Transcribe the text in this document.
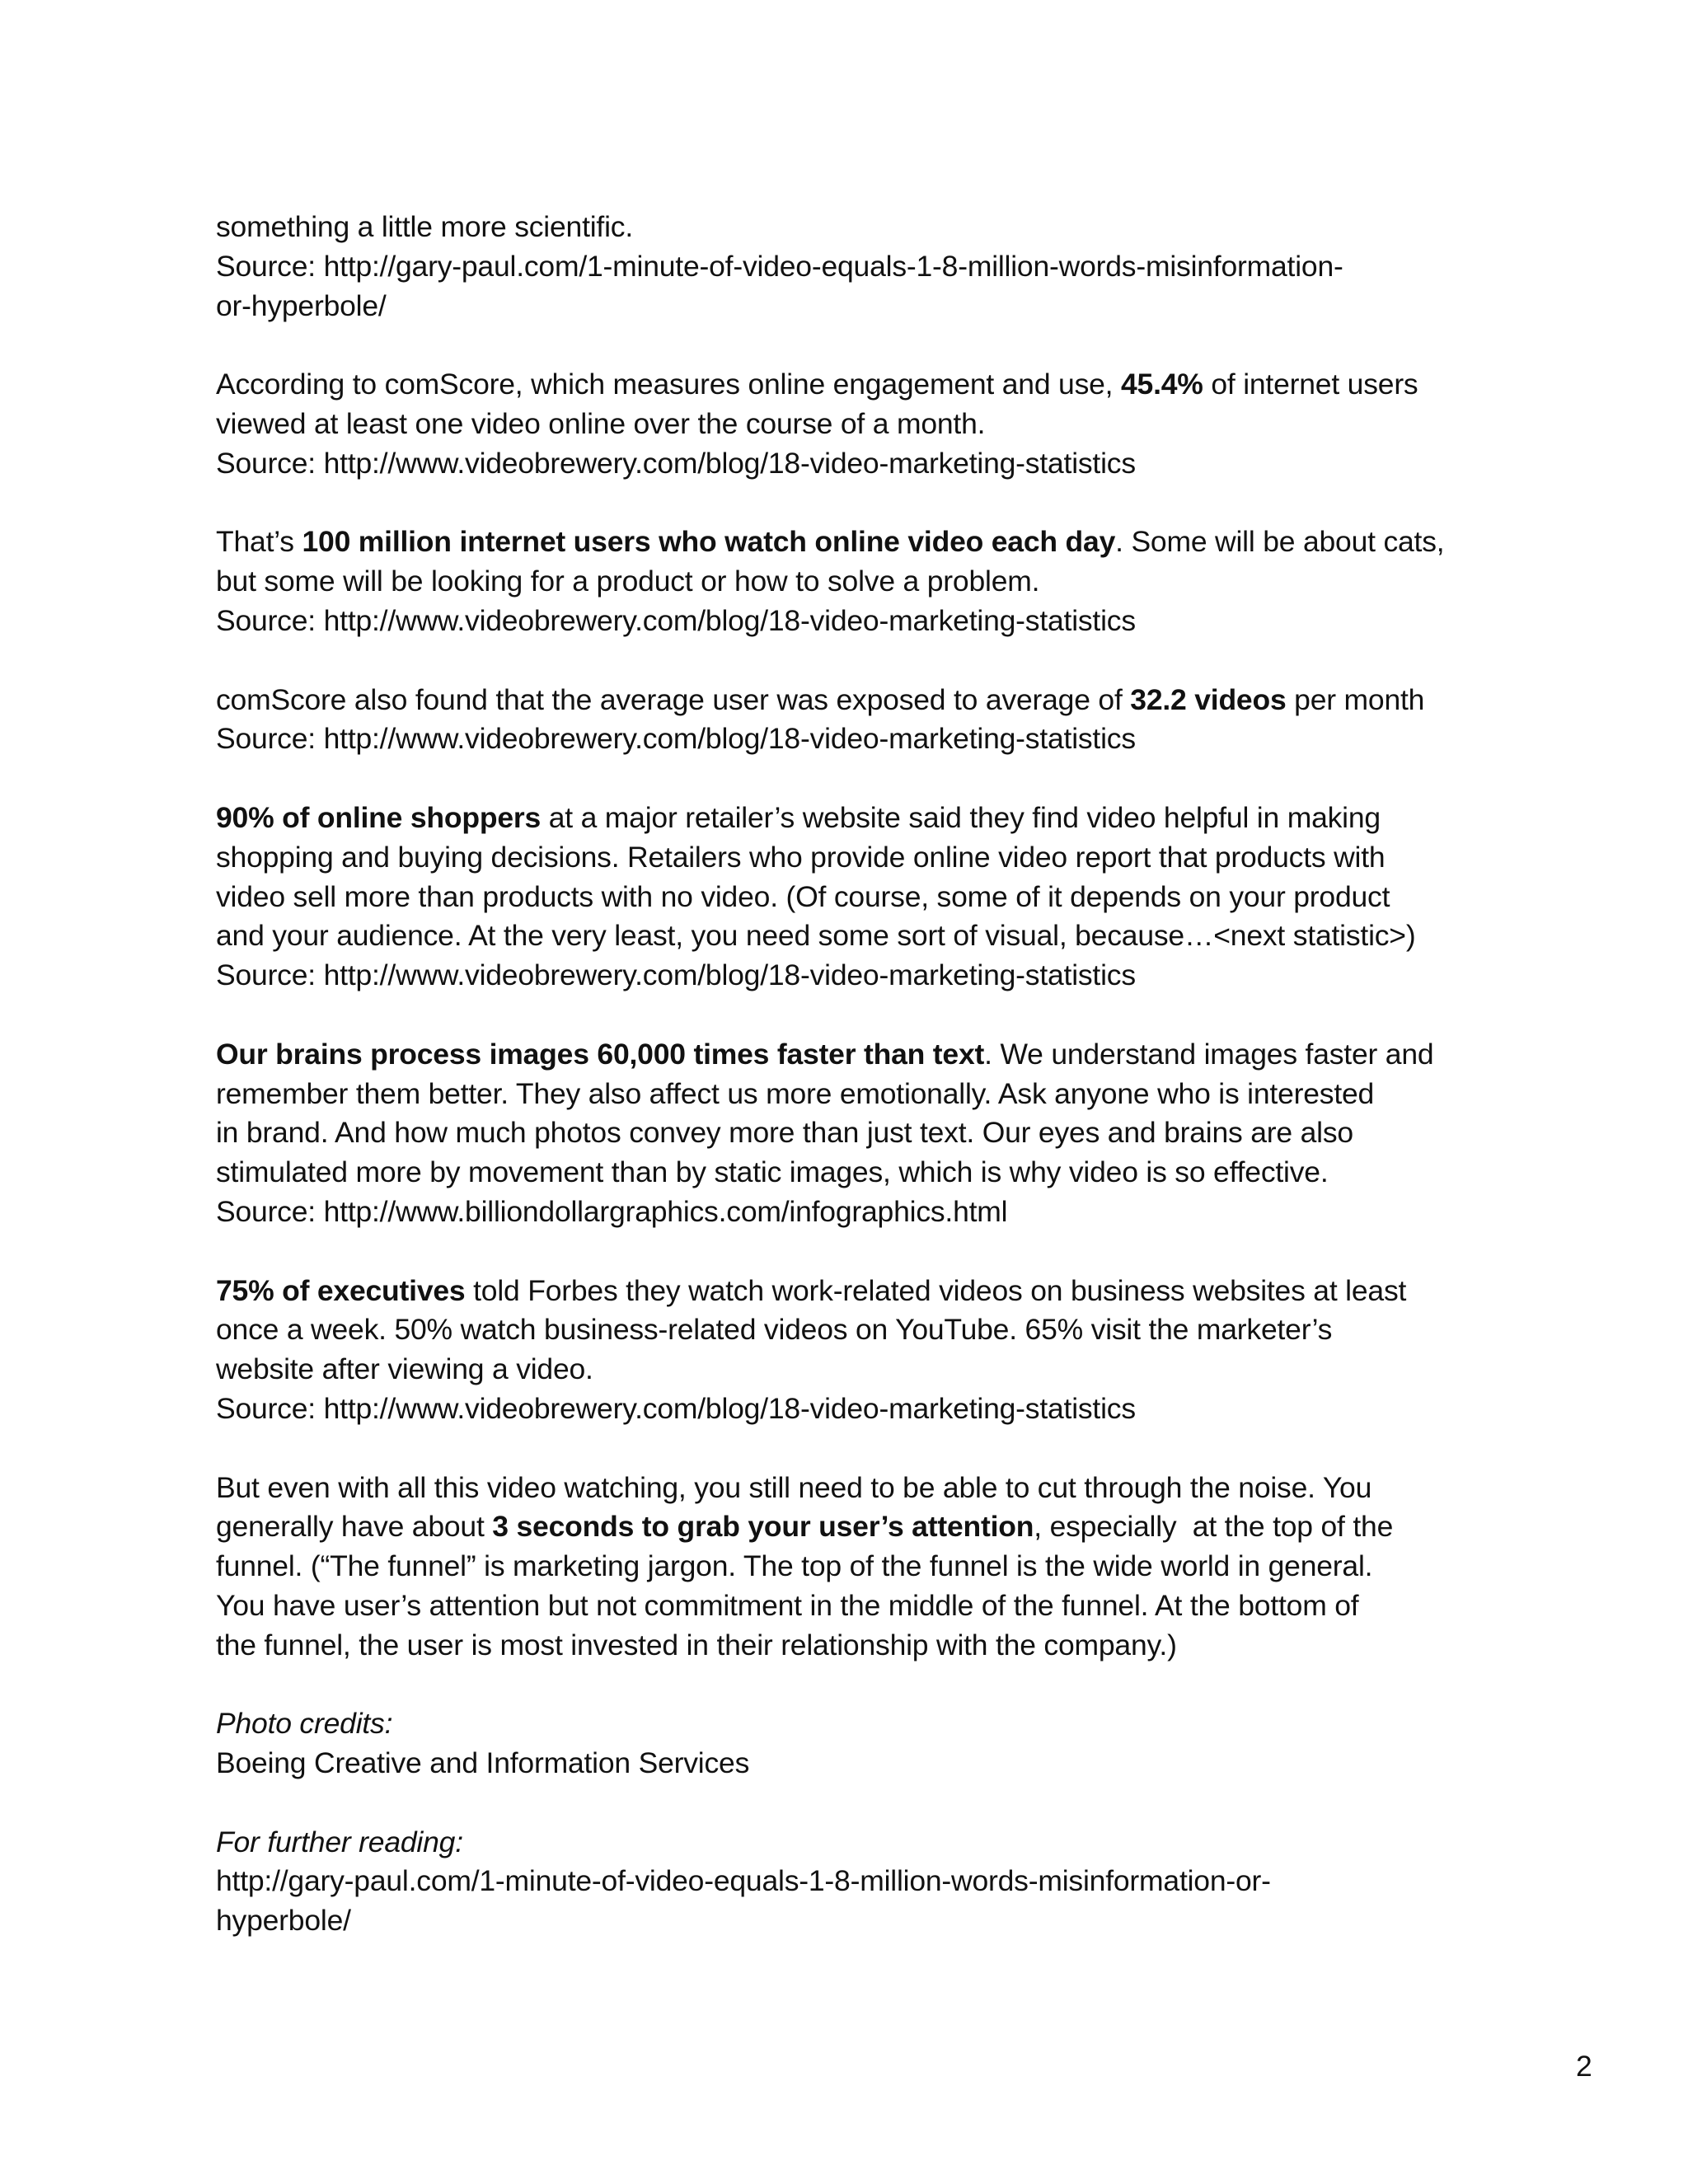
something a little more scientific.
Source: http://gary-paul.com/1-minute-of-video-equals-1-8-million-words-misinformation-
or-hyperbole/
According to comScore, which measures online engagement and use, 45.4% of internet users
viewed at least one video online over the course of a month.
Source: http://www.videobrewery.com/blog/18-video-marketing-statistics
That’s 100 million internet users who watch online video each day. Some will be about cats,
but some will be looking for a product or how to solve a problem.
Source: http://www.videobrewery.com/blog/18-video-marketing-statistics
comScore also found that the average user was exposed to average of 32.2 videos per month
Source: http://www.videobrewery.com/blog/18-video-marketing-statistics
90% of online shoppers at a major retailer’s website said they find video helpful in making
shopping and buying decisions. Retailers who provide online video report that products with
video sell more than products with no video. (Of course, some of it depends on your product
and your audience. At the very least, you need some sort of visual, because…<next statistic>)
Source: http://www.videobrewery.com/blog/18-video-marketing-statistics
Our brains process images 60,000 times faster than text. We understand images faster and
remember them better. They also affect us more emotionally. Ask anyone who is interested
in brand. And how much photos convey more than just text. Our eyes and brains are also
stimulated more by movement than by static images, which is why video is so effective.
Source: http://www.billiondollargraphics.com/infographics.html
75% of executives told Forbes they watch work-related videos on business websites at least
once a week. 50% watch business-related videos on YouTube. 65% visit the marketer’s
website after viewing a video.
Source: http://www.videobrewery.com/blog/18-video-marketing-statistics
But even with all this video watching, you still need to be able to cut through the noise. You
generally have about 3 seconds to grab your user’s attention, especially  at the top of the
funnel. (“The funnel” is marketing jargon. The top of the funnel is the wide world in general.
You have user’s attention but not commitment in the middle of the funnel. At the bottom of
the funnel, the user is most invested in their relationship with the company.)
Photo credits:
Boeing Creative and Information Services
For further reading:
http://gary-paul.com/1-minute-of-video-equals-1-8-million-words-misinformation-or-
hyperbole/
2
